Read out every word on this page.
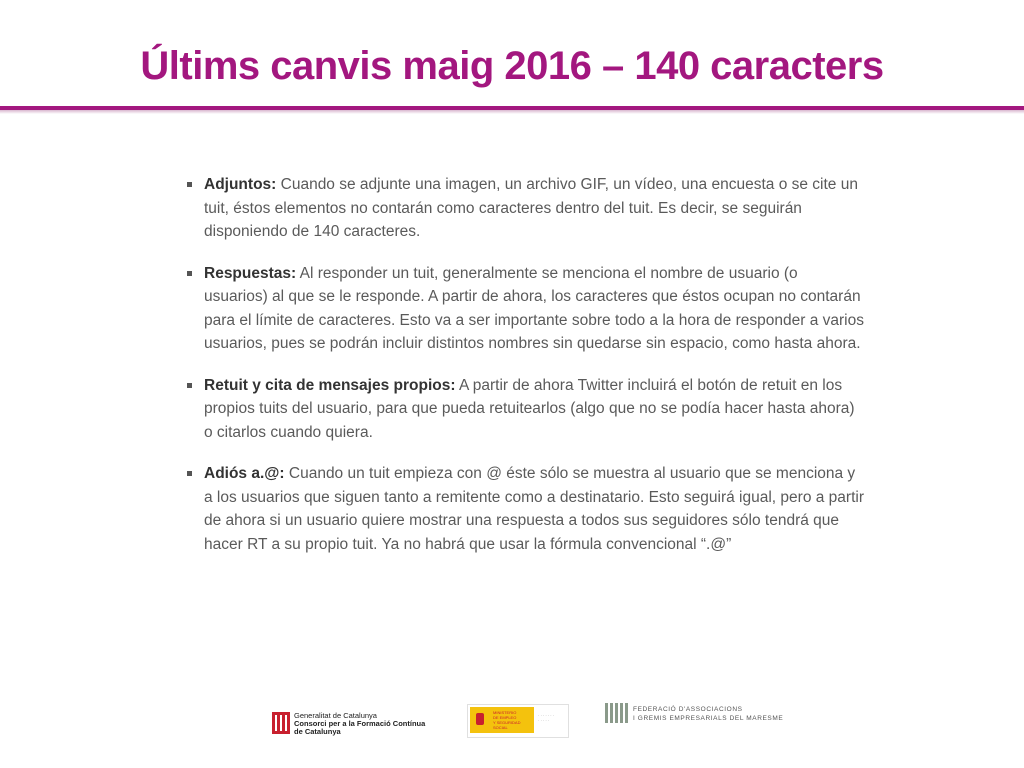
Últims canvis maig 2016 – 140 caracters
Adjuntos: Cuando se adjunte una imagen, un archivo GIF, un vídeo, una encuesta o se cite un tuit, éstos elementos no contarán como caracteres dentro del tuit. Es decir, se seguirán disponiendo de 140 caracteres.
Respuestas: Al responder un tuit, generalmente se menciona el nombre de usuario (o usuarios) al que se le responde. A partir de ahora, los caracteres que éstos ocupan no contarán para el límite de caracteres. Esto va a ser importante sobre todo a la hora de responder a varios usuarios, pues se podrán incluir distintos nombres sin quedarse sin espacio, como hasta ahora.
Retuit y cita de mensajes propios: A partir de ahora Twitter incluirá el botón de retuit en los propios tuits del usuario, para que pueda retuitearlos (algo que no se podía hacer hasta ahora) o citarlos cuando quiera.
Adiós a.@: Cuando un tuit empieza con @ éste sólo se muestra al usuario que se menciona y a los usuarios que siguen tanto a remitente como a destinatario. Esto seguirá igual, pero a partir de ahora si un usuario quiere mostrar una respuesta a todos sus seguidores sólo tendrá que hacer RT a su propio tuit. Ya no habrá que usar la fórmula convencional “.@”
Generalitat de Catalunya
Consorci per a la Formació Contínua
de Catalunya
MINISTERIO
DE EMPLEO
Y SEGURIDAD SOCIAL
· · · · · · ·
· · · · ·
FEDERACIÓ D'ASSOCIACIONS
I GREMIS EMPRESARIALS DEL MARESME
